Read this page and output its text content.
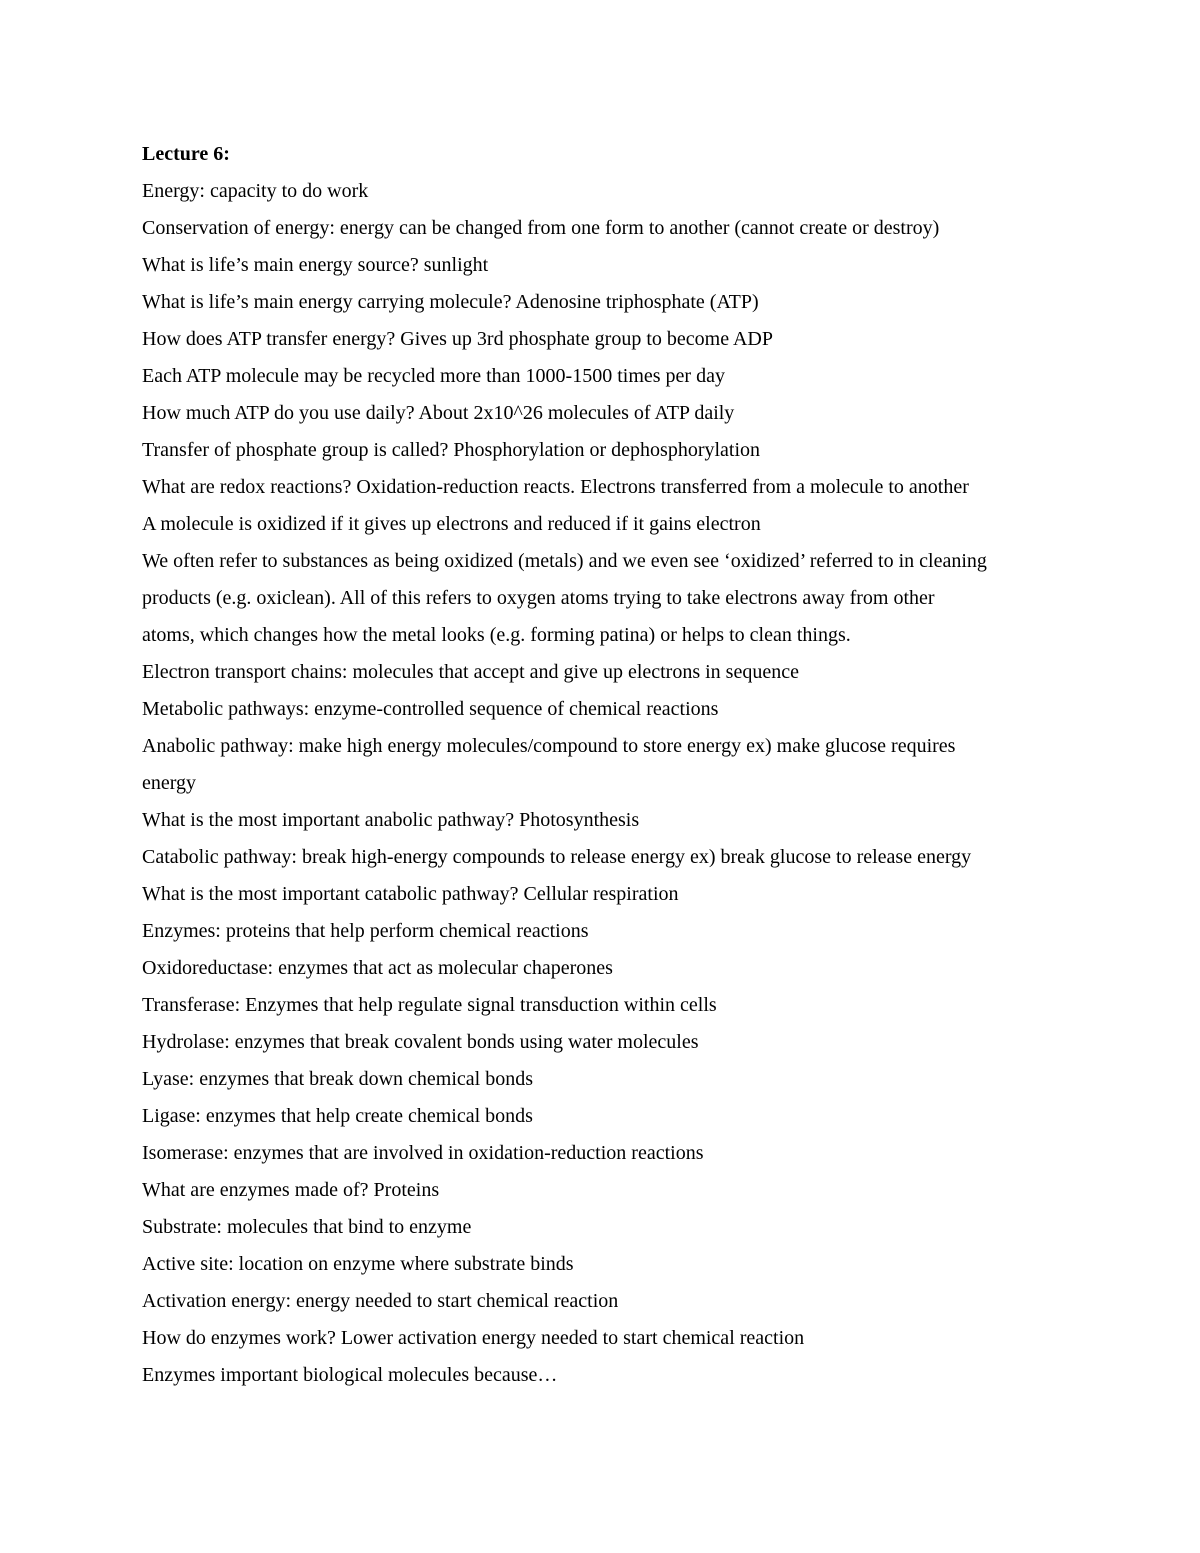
Lecture 6:
Energy: capacity to do work
Conservation of energy: energy can be changed from one form to another (cannot create or destroy)
What is life’s main energy source? sunlight
What is life’s main energy carrying molecule? Adenosine triphosphate (ATP)
How does ATP transfer energy? Gives up 3rd phosphate group to become ADP
Each ATP molecule may be recycled more than 1000-1500 times per day
How much ATP do you use daily? About 2x10^26 molecules of ATP daily
Transfer of phosphate group is called? Phosphorylation or dephosphorylation
What are redox reactions? Oxidation-reduction reacts. Electrons transferred from a molecule to another
A molecule is oxidized if it gives up electrons and reduced if it gains electron
We often refer to substances as being oxidized (metals) and we even see ‘oxidized’ referred to in cleaning
products (e.g. oxiclean). All of this refers to oxygen atoms trying to take electrons away from other
atoms, which changes how the metal looks (e.g. forming patina) or helps to clean things.
Electron transport chains: molecules that accept and give up electrons in sequence
Metabolic pathways: enzyme-controlled sequence of chemical reactions
Anabolic pathway: make high energy molecules/compound to store energy ex) make glucose requires
energy
What is the most important anabolic pathway? Photosynthesis
Catabolic pathway: break high-energy compounds to release energy ex) break glucose to release energy
What is the most important catabolic pathway? Cellular respiration
Enzymes: proteins that help perform chemical reactions
Oxidoreductase: enzymes that act as molecular chaperones
Transferase: Enzymes that help regulate signal transduction within cells
Hydrolase: enzymes that break covalent bonds using water molecules
Lyase: enzymes that break down chemical bonds
Ligase: enzymes that help create chemical bonds
Isomerase: enzymes that are involved in oxidation-reduction reactions
What are enzymes made of? Proteins
Substrate: molecules that bind to enzyme
Active site: location on enzyme where substrate binds
Activation energy: energy needed to start chemical reaction
How do enzymes work? Lower activation energy needed to start chemical reaction
Enzymes important biological molecules because…
